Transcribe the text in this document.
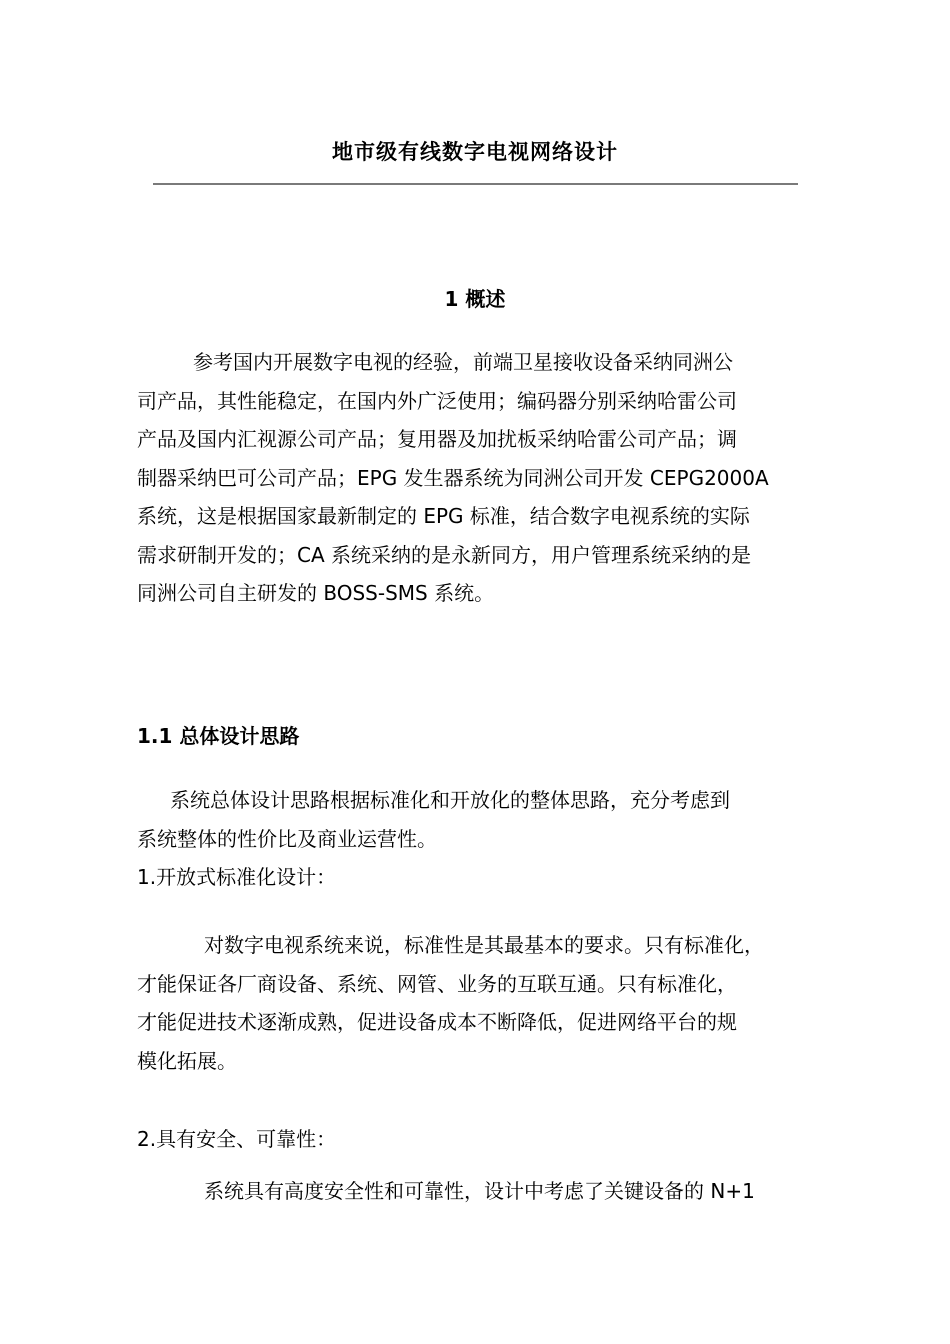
地市级有线数字电视网络设计
1 概述

参考国内开展数字电视的经验，前端卫星接收设备采纳同洲公

司产品，其性能稳定，在国内外广泛使用；编码器分别采纳哈雷公司

产品及国内汇视源公司产品；复用器及加扰板采纳哈雷公司产品；调

制器采纳巴可公司产品；EPG 发生器系统为同洲公司开发 CEPG2000A

系统，这是根据国家最新制定的 EPG 标准，结合数字电视系统的实际

需求研制开发的；CA 系统采纳的是永新同方，用户管理系统采纳的是

同洲公司自主研发的 BOSS-SMS 系统。

1.1 总体设计思路

系统总体设计思路根据标准化和开放化的整体思路，充分考虑到

系统整体的性价比及商业运营性。

1.开放式标准化设计：

对数字电视系统来说，标准性是其最基本的要求。只有标准化，

才能保证各厂商设备、系统、网管、业务的互联互通。只有标准化，

才能促进技术逐渐成熟，促进设备成本不断降低，促进网络平台的规

模化拓展。

2.具有安全、可靠性：

系统具有高度安全性和可靠性，设计中考虑了关键设备的 N+1
